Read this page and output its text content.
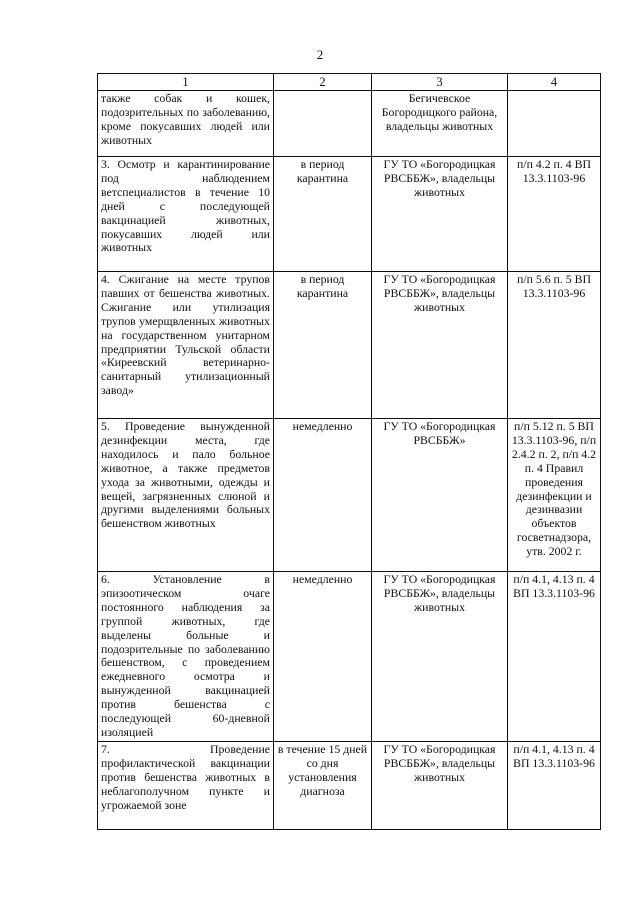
2
1	2	3	4
также собак и кошек, подозрительных по заболеванию, кроме покусавших людей или животных		Бегичевское Богородицкого района, владельцы животных	
3. Осмотр и карантинирование под наблюдением ветспециалистов в течение 10 дней с последующей вакцинацией животных, покусавших людей или животных	в период карантина	ГУ ТО «Богородицкая РВСББЖ», владельцы животных	п/п 4.2 п. 4 ВП 13.3.1103-96
4. Сжигание на месте трупов павших от бешенства животных. Сжигание или утилизация трупов умерщвленных животных на государственном унитарном предприятии Тульской области «Киреевский ветеринарно-санитарный утилизационный завод»	в период карантина	ГУ ТО «Богородицкая РВСББЖ», владельцы животных	п/п 5.6 п. 5 ВП 13.3.1103-96
5. Проведение вынужденной дезинфекции места, где находилось и пало больное животное, а также предметов ухода за животными, одежды и вещей, загрязненных слюной и другими выделениями больных бешенством животных	немедленно	ГУ ТО «Богородицкая РВСББЖ»	п/п 5.12 п. 5 ВП 13.3.1103-96, п/п 2.4.2 п. 2, п/п 4.2 п. 4 Правил проведения дезинфекции и дезинвазии объектов госветнадзора, утв. 2002 г.
6. Установление в эпизоотическом очаге постоянного наблюдения за группой животных, где выделены больные и подозрительные по заболеванию бешенством, с проведением ежедневного осмотра и вынужденной вакцинацией против бешенства с последующей 60-дневной изоляцией	немедленно	ГУ ТО «Богородицкая РВСББЖ», владельцы животных	п/п 4.1, 4.13 п. 4 ВП 13.3.1103-96
7. Проведение профилактической вакцинации против бешенства животных в неблагополучном пункте и угрожаемой зоне	в течение 15 дней со дня установления диагноза	ГУ ТО «Богородицкая РВСББЖ», владельцы животных	п/п 4.1, 4.13 п. 4 ВП 13.3.1103-96
